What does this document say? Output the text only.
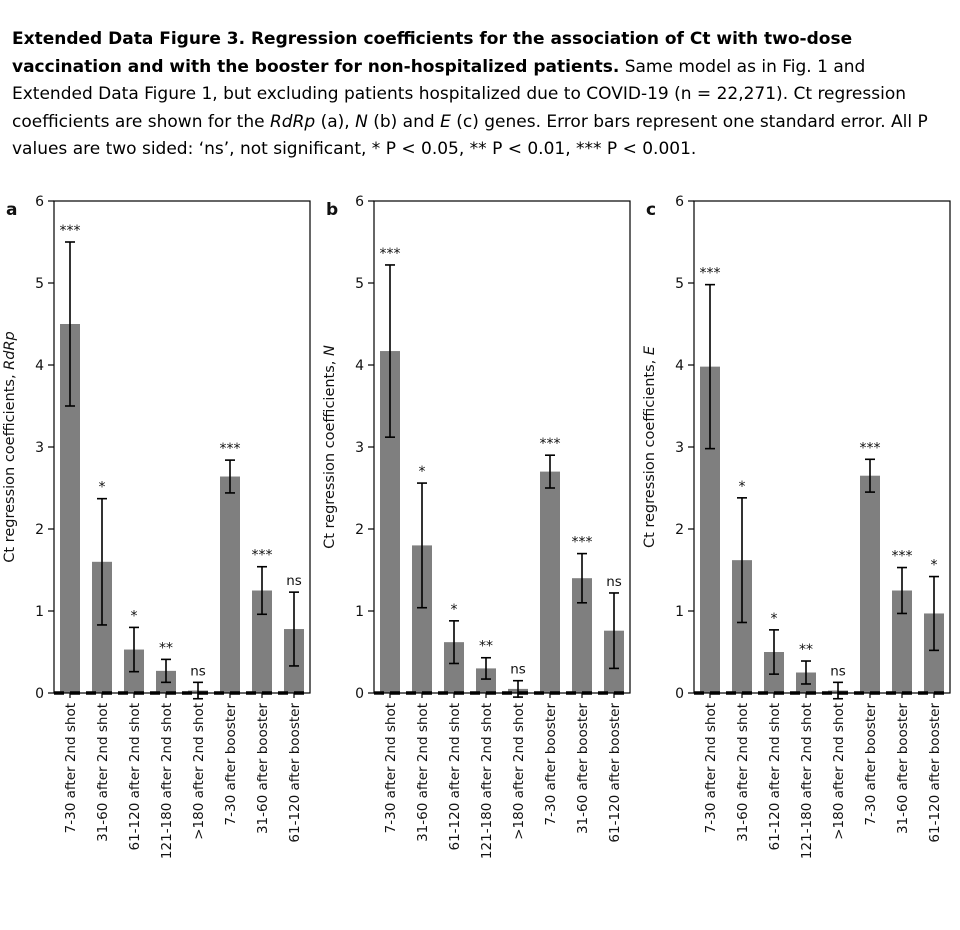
Extended Data Figure 3. Regression coefficients for the association of Ct with two-dose vaccination and with the booster for non-hospitalized patients. Same model as in Fig. 1 and Extended Data Figure 1, but excluding patients hospitalized due to COVID-19 (n = 22,271). Ct regression coefficients are shown for the RdRp (a), N (b) and E (c) genes. Error bars represent one standard error. All P values are two sided: ‘ns’, not significant, * P < 0.05, ** P < 0.01, *** P < 0.001.

***
*
*
**
ns
***
***
ns
0
1
2
3
4
5
6
7-30 after 2nd shot 31-60 after 2nd shot 61-120 after 2nd shot 121-180 after 2nd shot >180 after 2nd shot 7-30 after booster 31-60 after booster 61-120 after booster
Ct regression coefficients, RdRp
a
***
*
*
**
ns
***
***
ns
0
1
2
3
4
5
6
7-30 after 2nd shot 31-60 after 2nd shot 61-120 after 2nd shot 121-180 after 2nd shot >180 after 2nd shot 7-30 after booster 31-60 after booster 61-120 after booster
Ct regression coefficients, N
b
***
*
*
**
ns
***
***
*
0
1
2
3
4
5
6
7-30 after 2nd shot 31-60 after 2nd shot 61-120 after 2nd shot 121-180 after 2nd shot >180 after 2nd shot 7-30 after booster 31-60 after booster 61-120 after booster
Ct regression coefficients, E
c
